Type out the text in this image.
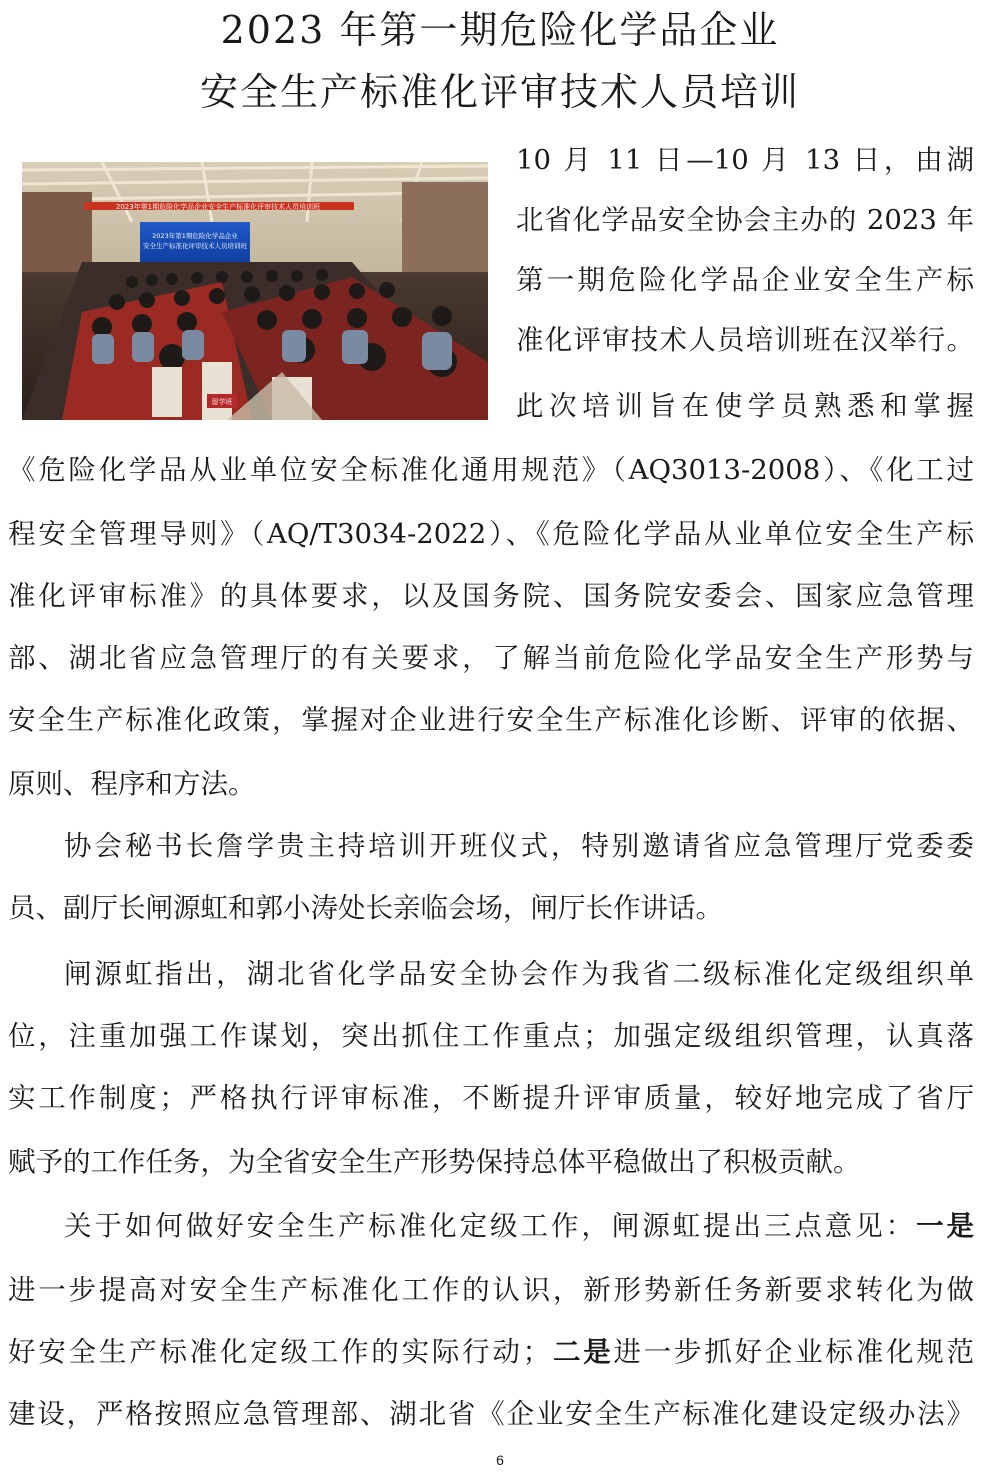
2023 年第一期危险化学品企业
安全生产标准化评审技术人员培训
2023年第1期危险化学品企业安全生产标准化评审技术人员培训班
2023年第1期危险化学品企业
安全生产标准化评审技术人员培训班
留学班
10 月 11 日—10 月 13 日，由湖
北省化学品安全协会主办的 2023 年
第一期危险化学品企业安全生产标
准化评审技术人员培训班在汉举行。
此次培训旨在使学员熟悉和掌握
《危险化学品从业单位安全标准化通用规范》（AQ3013-2008）、《化工过
程安全管理导则》（AQ/T3034-2022）、《危险化学品从业单位安全生产标
准化评审标准》的具体要求，以及国务院、国务院安委会、国家应急管理
部、湖北省应急管理厅的有关要求，了解当前危险化学品安全生产形势与
安全生产标准化政策，掌握对企业进行安全生产标准化诊断、评审的依据、
原则、程序和方法。
协会秘书长詹学贵主持培训开班仪式，特别邀请省应急管理厅党委委
员、副厅长闸源虹和郭小涛处长亲临会场，闸厅长作讲话。
闸源虹指出，湖北省化学品安全协会作为我省二级标准化定级组织单
位，注重加强工作谋划，突出抓住工作重点；加强定级组织管理，认真落
实工作制度；严格执行评审标准，不断提升评审质量，较好地完成了省厅
赋予的工作任务，为全省安全生产形势保持总体平稳做出了积极贡献。
关于如何做好安全生产标准化定级工作，闸源虹提出三点意见：一是
进一步提高对安全生产标准化工作的认识，新形势新任务新要求转化为做
好安全生产标准化定级工作的实际行动；二是进一步抓好企业标准化规范
建设，严格按照应急管理部、湖北省《企业安全生产标准化建设定级办法》
6
